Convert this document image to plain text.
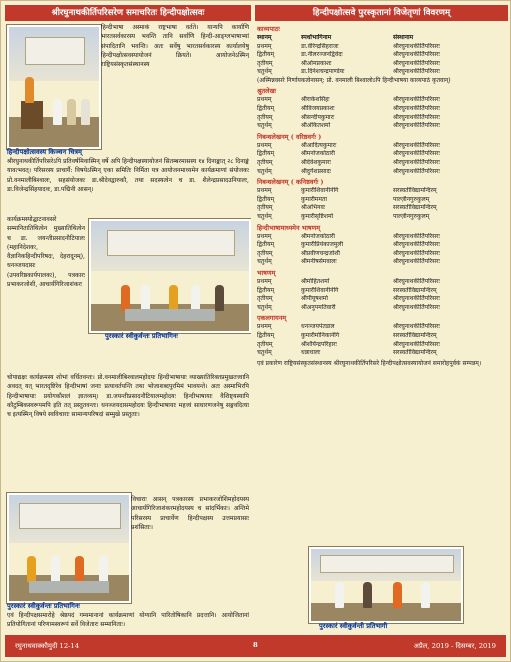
श्रीरघुनाथकीर्तिपरिसरेण समाचरितः हिन्दीपक्षोत्सवः	हिन्दीपक्षोत्सवे पुरस्कृतानां विजेतृणां विवरणम्
हिन्दीपक्षोत्सवस्य किञ्चन चित्रम्
हिन्दीभाषा अस्माकं राष्ट्रभाषा वर्तते। यान्यपि कार्याणि भारतसर्वकारस्य भवन्ति तानि सर्वाणि हिन्दी-आङ्ग्लभाषाभ्यां संपादितानि भवन्ति। अतः सर्वेषु भारतसर्वकारस्य कार्यालयेषु हिन्दीपक्षोत्सवस्यायोजनं क्रियते। आयोजनेऽस्मिन् राष्ट्रियसंस्कृतसंस्थानस्य
श्रीरघुनाथकीर्तिपरिसरेऽपि प्रतिवर्षमिवास्मिन् वर्षे अपि हिन्दीपक्षस्यायोजनं सितम्बरमासस्य १४ दिनाङ्कात् २८ दिनाङ्कं यावत्भवत्। परिसरस्य प्राचार्यै: विषयेऽस्मिन् एका समितिः निर्मिता यत्र आयोजनमाध्यमेन कार्यक्रमाणां संयोजकः प्रो.वनमालीबिश्वालः, सहसंयोजकः डा.श्रीदेवद्वारुकौ, तथा सदस्यत्वेन च डा. शैलेन्द्रप्रसादउनियालः, डा.विजेन्द्रसिंहयादवः, डा.पद्मिनी आसन्।
कार्यक्रमस्योद्घाटनावसरे सम्मानितातिथित्वेन मुख्यातिथित्वेन च डा. जयन्तीप्रसादनौटियालः (महानिदेशकः, वैज्ञानिकहिन्दीपरिषदः, देहरादूनम्), धनञ्जयदासः (उपवरिष्ठकार्यपालकः), पत्रकारः प्रभाकरजोशी, आचार्यगिरिजाशंकरः
पुरस्कारं स्वीकुर्वन्तः प्रतिभागिनः
चोपाद्यक्षः कार्यक्रमस्य शोभां वर्धितवन्तः। प्रो.वनमालीबिश्वालमहोदयः हिन्दीभाषायाः व्याख्यातिरिक्तप्रमुखतत्त्वानि अवदत् यत् भारतदृष्टिरेव हिन्दीभाषां जनाः प्रत्यावर्तयन्ति तथा भोजाशब्दपुरमिमं भावयन्ते। अतः अस्माभिरपि हिन्दीभाषायाः प्रयोगकौशलं ज्ञातव्यम्। डा.जयन्तीप्रसादनौटियालमहोदयः हिन्दीभाषायाः वैशिष्ट्यस्यापि कौटुम्बिकस्वरूपमपि इति तत् प्रस्तुतवन्तः। धनञ्जयदासमहोदयः हिन्दीभाषायाः महत्त्वं साधारणजनेषु सङ्गवदित्या च इत्यस्मिन् विषये स्वविचाराः सामान्यपरिषदां सम्मुखे प्रस्तुताः।
पुरस्कारं स्वीकुर्वन्तः प्रतिभागिनः
विचाराः आसन् पत्रकारस्य प्रभाकरजोशिमहोदयस्य आचार्यगिरिजाशंकरमहोदयस्य च सांदर्भिकाः। अन्तिमे परिसरस्य प्राचार्येण हिन्दीपक्षस्य उत्तमप्रयासाः प्रशंसिताः।
एवं हिन्दीपक्षसमारोहे श्रेष्ठपदं गम्यमानानां कार्यक्रमाणां योग्यानि पारितोषिकानि प्रदत्तानि। आयोजितानां प्रतियोगितानां परिणामस्वरूपं सर्वे विजेतारः सम्मानिताः।
काव्यपाठः
स्थानम्	स्पर्धाभागिनाम	संस्थानाम
प्रथमम्	डा.वीरेन्द्रसिंहराजः	श्रीरघुनाथकीर्तिपरिसरः
द्वितीयम्	डा.नीलरञ्जनद्विवेदः	श्रीरघुनाथकीर्तिपरिसरः
तृतीयम्	श्रीओमप्रकाशः	श्रीरघुनाथकीर्तिपरिसरः
चतुर्थम्	डा.दिनेशचन्द्रपाण्डेयः	श्रीरघुनाथकीर्तिपरिसरः
(अस्मिन्नवसरे निर्णायकत्वेनासन्: प्रो. वनमाली बिश्वालोऽपि हिन्दीभाषया काव्यपाठं कृतवान्)
श्रुतलेखः
प्रथमम्	श्रीराकेशसिंहः	श्रीरघुनाथकीर्तिपरिसरः
द्वितीयम्	श्रीविजयप्रकाशः	श्रीरघुनाथकीर्तिपरिसरः
तृतीयम्	श्रीसन्दीपकुमारः	श्रीरघुनाथकीर्तिपरिसरः
चतुर्थम्	श्रीअंकितशर्मा	श्रीरघुनाथकीर्तिपरिसरः
निबन्धलेखनम् ( वरिष्ठवर्गः )
प्रथमम्	श्रीआदित्यकुमारः	श्रीरघुनाथकीर्तिपरिसरः
द्वितीयम्	श्रीमनोजकोठारी	श्रीरघुनाथकीर्तिपरिसरः
तृतीयम्	श्रीदेवेशकुमारः	श्रीरघुनाथकीर्तिपरिसरः
चतुर्थम्	श्रीदुर्गेशप्रसादः	श्रीरघुनाथकीर्तिपरिसरः
निबन्धलेखनम् ( कनिष्ठवर्गः )
प्रथमम्	कुमारीशिवानीनेगि	सरस्वतीविद्यामन्दिरम्
द्वितीयम्	कुमारीममता	पाल्ज़ीनगुरुकुलम्
तृतीयम्	श्रीअभिनवः	सरस्वतीविद्यामन्दिरम्
चतुर्थम्	कुमारीसृष्टिशर्मा	पाल्ज़ीनगुरुकुलम्
हिन्दीभाषामाध्यमेन भाषणम्
प्रथमम्	श्रीमनोजकोठारी	श्रीरघुनाथकीर्तिपरिसरः
द्वितीयम्	कुमारीप्रियंकाजमुली	श्रीरघुनाथकीर्तिपरिसरः
तृतीयम्	श्रीप्रवीणचन्द्रजोशी	श्रीरघुनाथकीर्तिपरिसरः
चतुर्थम्	श्रीमनीषसेमवालः	श्रीरघुनाथकीर्तिपरिसरः
भाषणम्
प्रथमम्	श्रीमोहितशर्मा	श्रीरघुनाथकीर्तिपरिसरः
द्वितीयम्	कुमारीशिवानीनेगि	सरस्वतीविद्यामन्दिरम्
तृतीयम्	श्रीपीयूषशर्मा	श्रीरघुनाथकीर्तिपरिसरः
चतुर्थम्	श्रीअनुपमतिवारी	श्रीरघुनाथकीर्तिपरिसरः
एकलगायनम्
प्रथमम्	धनञ्जयपंतडाल	श्रीरघुनाथकीर्तिपरिसरः
द्वितीयम्	कुमारीमोनिकानेगि	सरस्वतीविद्यामन्दिरम्
तृतीयम्	श्रीशौर्येन्द्रपरिहारः	श्रीरघुनाथकीर्तिपरिसरः
चतुर्थम्	धन्नाधालः	सरस्वतीविद्यामन्दिरम्
एवं प्रकारेण राष्ट्रियसंस्कृतसंस्थानस्य श्रीरघुनाथकीर्तिपरिसरे हिन्दीपक्षोत्सवस्यायोजनं समारोहपूर्वकं सम्पन्नम्।
पुरस्कारं स्वीकुर्वन्ती प्रतिभागी
रघुनाथवाक्कौमुदी 12-14	8	अप्रैल, 2019 - दिसम्बर, 2019
